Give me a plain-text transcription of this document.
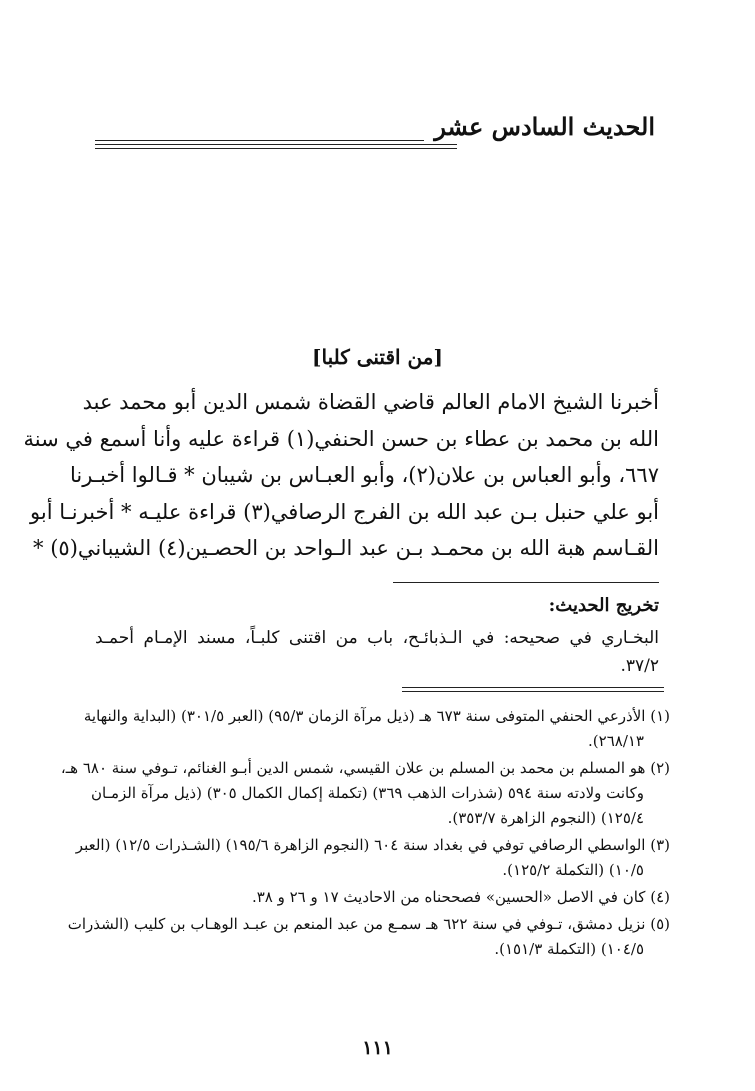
الحديث السادس عشر
[من اقتنى كلبا]
أخبرنا الشيخ الامام العالم قاضي القضاة شمس الدين أبو محمد عبد
الله بن محمد بن عطاء بن حسن الحنفي(١) قراءة عليه وأنا أسمع في سنة
٦٦٧، وأبو العباس بن علان(٢)، وأبو العبـاس بن شيبان * قـالوا أخبـرنا
أبو علي حنبل بـن عبد الله بن الفرج الرصافي(٣) قراءة عليـه * أخبرنـا أبو
القـاسم هبة الله بن محمـد بـن عبد الـواحد بن الحصـين(٤) الشيباني(٥) *
تخريج الحديث:
البخـاري في صحيحه: في الـذبائـح، باب من اقتنى كلبـاً، مسند الإمـام أحمـد
٣٧/٢.
(١) الأذرعي الحنفي المتوفى سنة ٦٧٣ هـ (ذيل مرآة الزمان ٩٥/٣) (العبر ٣٠١/٥) (البداية والنهاية
٢٦٨/١٣).
(٢) هو المسلم بن محمد بن المسلم بن علان القيسي، شمس الدين أبـو الغنائم، تـوفي سنة ٦٨٠ هـ،
وكانت ولادته سنة ٥٩٤ (شذرات الذهب ٣٦٩) (تكملة إكمال الكمال ٣٠٥) (ذيل مرآة الزمـان
١٢٥/٤) (النجوم الزاهرة ٣٥٣/٧).
(٣) الواسطي الرصافي توفي في بغداد سنة ٦٠٤ (النجوم الزاهرة ١٩٥/٦) (الشـذرات ١٢/٥) (العبر
١٠/٥) (التكملة ١٢٥/٢).
(٤) كان في الاصل «الحسين» فصححناه من الاحاديث ١٧ و ٢٦ و ٣٨.
(٥) نزيل دمشق، تـوفي في سنة ٦٢٢ هـ سمـع من عبد المنعم بن عبـد الوهـاب بن كليب (الشذرات
١٠٤/٥) (التكملة ١٥١/٣).
١١١
